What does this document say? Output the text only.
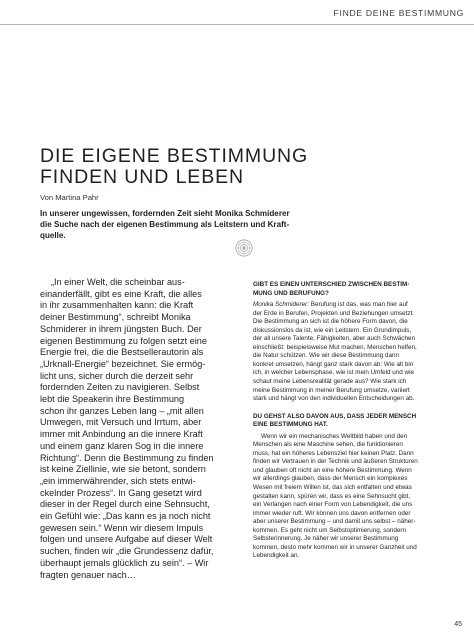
FINDE DEINE BESTIMMUNG
DIE EIGENE BESTIMMUNG
FINDEN UND LEBEN
Von Martina Pahr
In unserer ungewissen, fordernden Zeit sieht Monika Schmiderer
die Suche nach der eigenen Bestimmung als Leitstern und Kraft-
quelle.
„In einer Welt, die scheinbar aus-
einanderfällt, gibt es eine Kraft, die alles
in ihr zusammenhalten kann: die Kraft
deiner Bestimmung“, schreibt Monika
Schmiderer in ihrem jüngsten Buch. Der
eigenen Bestimmung zu folgen setzt eine
Energie frei, die die Bestsellerautorin als
„Urknall-Energie“ bezeichnet. Sie ermög-
licht uns, sicher durch die derzeit sehr
fordernden Zeiten zu navigieren. Selbst
lebt die Speakerin ihre Bestimmung
schon ihr ganzes Leben lang – „mit allen
Umwegen, mit Versuch und Irrtum, aber
immer mit Anbindung an die innere Kraft
und einem ganz klaren Sog in die innere
Richtung“. Denn die Bestimmung zu finden
ist keine Ziellinie, wie sie betont, sondern
„ein immerwährender, sich stets entwi-
ckelnder Prozess“. In Gang gesetzt wird
dieser in der Regel durch eine Sehnsucht,
ein Gefühl wie: „Das kann es ja noch nicht
gewesen sein.“ Wenn wir diesem Impuls
folgen und unsere Aufgabe auf dieser Welt
suchen, finden wir „die Grundessenz dafür,
überhaupt jemals glücklich zu sein“. – Wir
fragten genauer nach…
GIBT ES EINEN UNTERSCHIED ZWISCHEN BESTIM-
MUNG UND BERUFUNG?
Monika Schmiderer: Berufung ist das, was man hier auf
der Erde in Berufen, Projekten und Beziehungen umsetzt.
Die Bestimmung an sich ist die höhere Form davon, die
diskussionslos da ist, wie ein Leitstern. Ein Grundimpuls,
der all unsere Talente, Fähigkeiten, aber auch Schwächen
einschließt: beispielsweise Mut machen, Menschen helfen,
die Natur schützen. Wie wir diese Bestimmung dann
konkret umsetzen, hängt ganz stark davon ab: Wie alt bin
ich, in welcher Lebensphase, wie ist mein Umfeld und wie
schaut meine Lebensrealität gerade aus? Wie stark ich
meine Bestimmung in meiner Berufung umsetze, variiert
stark und hängt von den individuellen Entscheidungen ab.
DU GEHST ALSO DAVON AUS, DASS JEDER MENSCH
EINE BESTIMMUNG HAT.
Wenn wir ein mechanisches Weltbild haben und den
Menschen als eine Maschine sehen, die funktionieren
muss, hat ein höheres Lebensziel hier keinen Platz. Dann
finden wir Vertrauen in der Technik und äußeren Strukturen
und glauben oft nicht an eine höhere Bestimmung. Wenn
wir allerdings glauben, dass der Mensch ein komplexes
Wesen mit freiem Willen ist, das sich entfalten und etwas
gestalten kann, spüren wir, dass es eine Sehnsucht gibt,
ein Verlangen nach einer Form von Lebendigkeit, die uns
immer wieder ruft. Wir können uns davon entfernen oder
aber unserer Bestimmung – und damit uns selbst – näher-
kommen. Es geht nicht um Selbstoptimierung, sondern
Selbsterinnerung. Je näher wir unserer Bestimmung
kommen, desto mehr kommen wir in unserer Ganzheit und
Lebendigkeit an.
45
